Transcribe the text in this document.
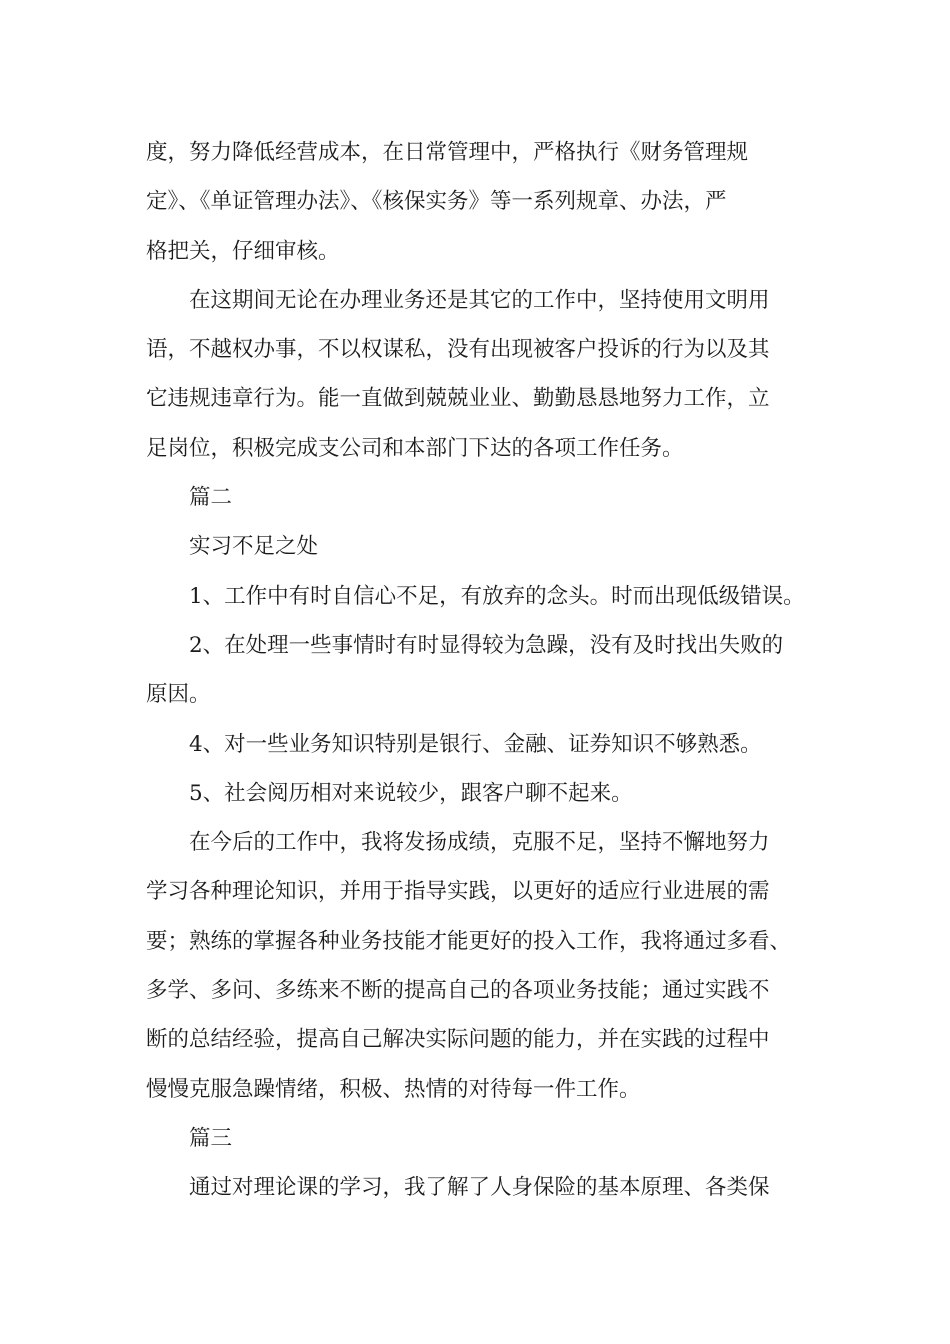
度，努力降低经营成本，在日常管理中，严格执行《财务管理规
定》、《单证管理办法》、《核保实务》等一系列规章、办法，严
格把关，仔细审核。
在这期间无论在办理业务还是其它的工作中，坚持使用文明用
语，不越权办事，不以权谋私，没有出现被客户投诉的行为以及其
它违规违章行为。能一直做到兢兢业业、勤勤恳恳地努力工作，立
足岗位，积极完成支公司和本部门下达的各项工作任务。
篇二
实习不足之处
1、工作中有时自信心不足，有放弃的念头。时而出现低级错误。
2、在处理一些事情时有时显得较为急躁，没有及时找出失败的
原因。
4、对一些业务知识特别是银行、金融、证券知识不够熟悉。
5、社会阅历相对来说较少，跟客户聊不起来。
在今后的工作中，我将发扬成绩，克服不足，坚持不懈地努力
学习各种理论知识，并用于指导实践，以更好的适应行业进展的需
要；熟练的掌握各种业务技能才能更好的投入工作，我将通过多看、
多学、多问、多练来不断的提高自己的各项业务技能；通过实践不
断的总结经验，提高自己解决实际问题的能力，并在实践的过程中
慢慢克服急躁情绪，积极、热情的对待每一件工作。
篇三
通过对理论课的学习，我了解了人身保险的基本原理、各类保
